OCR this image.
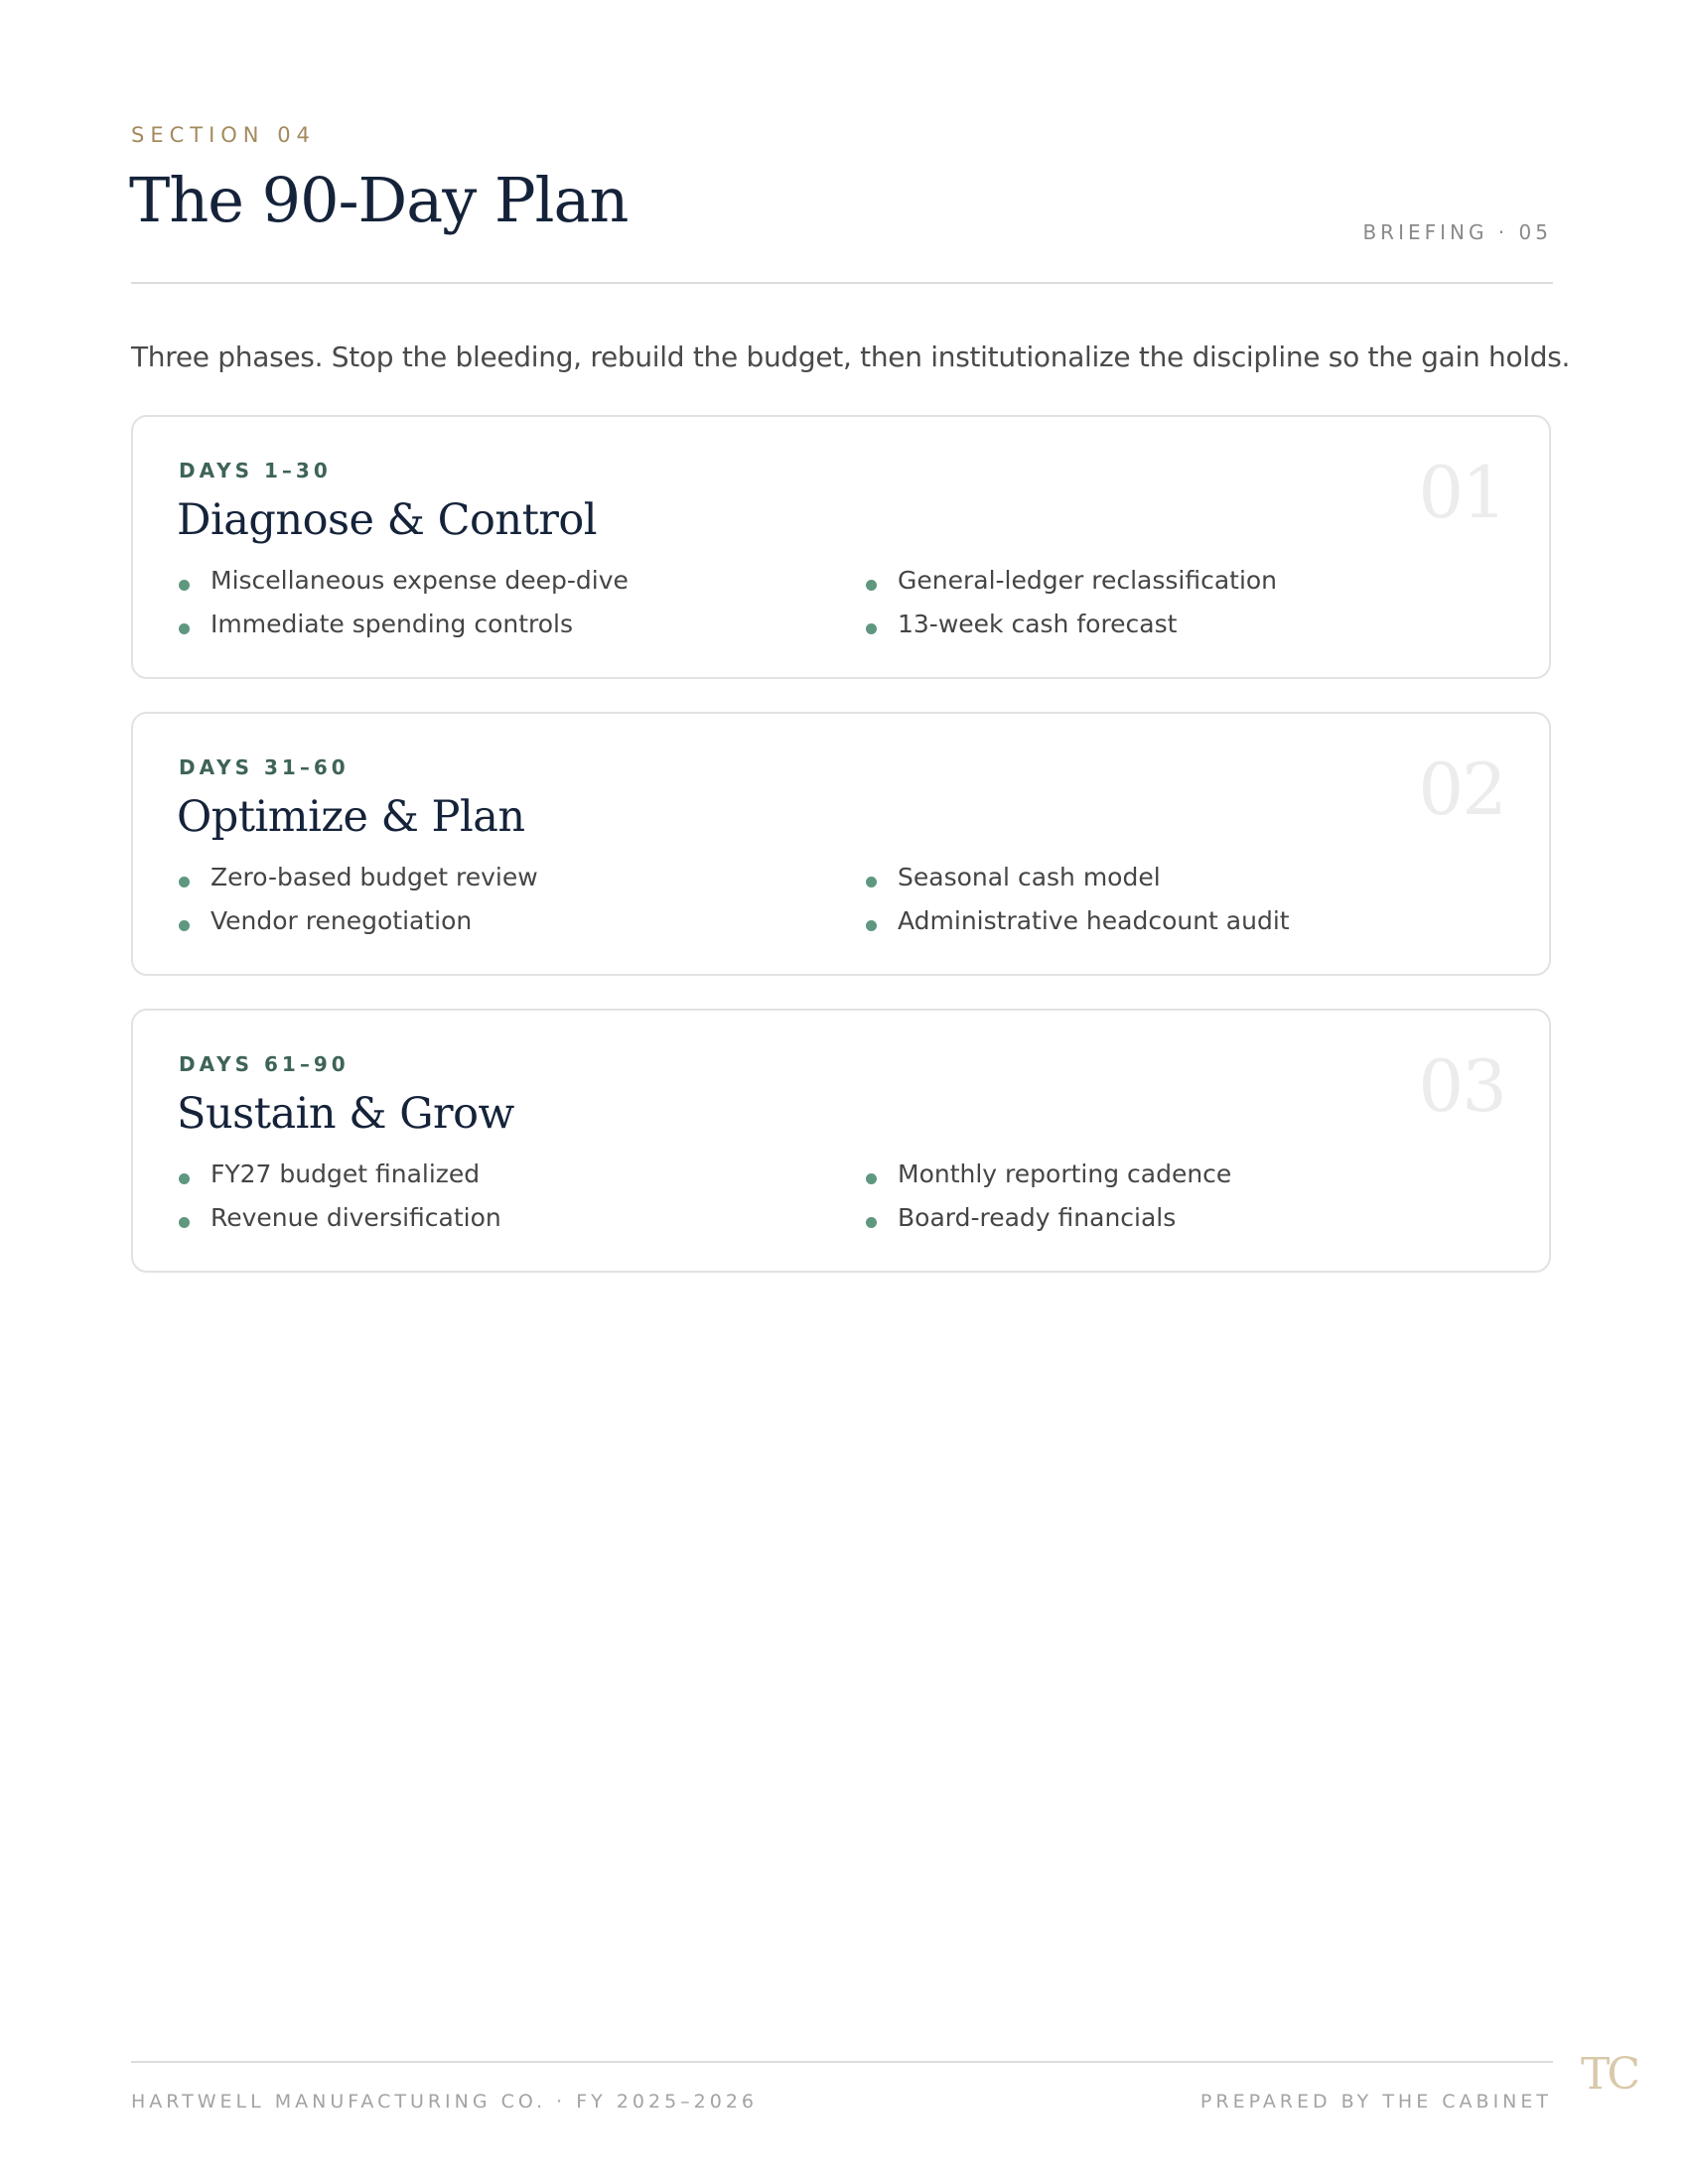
SECTION 04
The 90-Day Plan	BRIEFING · 05

Three phases. Stop the bleeding, rebuild the budget, then institutionalize the discipline so the gain holds.

DAYS 1–30
Diagnose & Control	01
Miscellaneous expense deep-dive	General-ledger reclassification
Immediate spending controls	13-week cash forecast
DAYS 31–60
Optimize & Plan	02
Zero-based budget review	Seasonal cash model
Vendor renegotiation	Administrative headcount audit
DAYS 61–90
Sustain & Grow	03
FY27 budget finalized	Monthly reporting cadence
Revenue diversification	Board-ready financials
HARTWELL MANUFACTURING CO. · FY 2025–2026	PREPARED BY THE CABINET
TC
